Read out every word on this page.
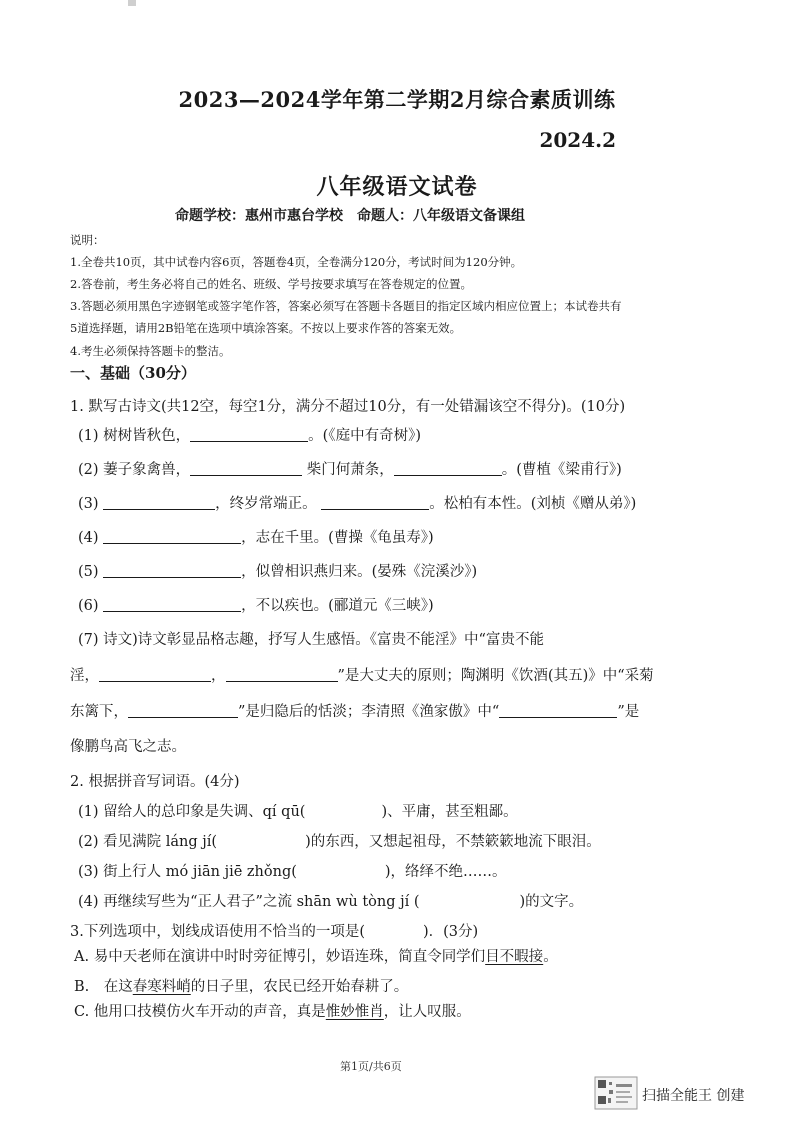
2023—2024学年第二学期2月综合素质训练
2024.2
八年级语文试卷
命题学校：惠州市惠台学校　命题人：八年级语文备课组
说明：
1.全卷共10页，其中试卷内容6页，答题卷4页，全卷满分120分，考试时间为120分钟。
2.答卷前，考生务必将自己的姓名、班级、学号按要求填写在答卷规定的位置。
3.答题必须用黑色字迹钢笔或签字笔作答，答案必须写在答题卡各题目的指定区域内相应位置上；本试卷共有
5道选择题，请用2B铅笔在选项中填涂答案。不按以上要求作答的答案无效。
4.考生必须保持答题卡的整洁。
一、基础（30分）
1. 默写古诗文(共12空，每空1分，满分不超过10分，有一处错漏该空不得分)。(10分)
(1) 树树皆秋色，	。(《庭中有奇树》)
(2) 萋子象禽兽，	柴门何萧条，	。(曹植《梁甫行》)
(3)	，终岁常端正。	。松柏有本性。(刘桢《赠从弟》)
(4)	，志在千里。(曹操《龟虽寿》)
(5)	，似曾相识燕归来。(晏殊《浣溪沙》)
(6)	，不以疾也。(郦道元《三峡》)
(7) 诗文)诗文彰显品格志趣，抒写人生感悟。《富贵不能淫》中“富贵不能
淫，	，	”是大丈夫的原则；陶渊明《饮酒(其五)》中“采菊
东篱下，	”是归隐后的恬淡；李清照《渔家傲》中“	”是
像鹏鸟高飞之志。
2. 根据拼音写词语。(4分)
(1) 留给人的总印象是失调、qí qū(	)、平庸，甚至粗鄙。
(2) 看见满院 láng jí(	)的东西，又想起祖母，不禁簌簌地流下眼泪。
(3) 街上行人 mó jiān jiē zhǒng(	)，络绎不绝……。
(4) 再继续写些为“正人君子”之流 shān wù tòng jí (	)的文字。
3.下列选项中，划线成语使用不恰当的一项是(　　　　)．(3分)
A. 易中天老师在演讲中时时旁征博引，妙语连珠，简直令同学们目不暇接。
B.　在这春寒料峭的日子里，农民已经开始春耕了。
C. 他用口技模仿火车开动的声音，真是惟妙惟肖，让人叹服。
第1页/共6页
扫描全能王 创建
